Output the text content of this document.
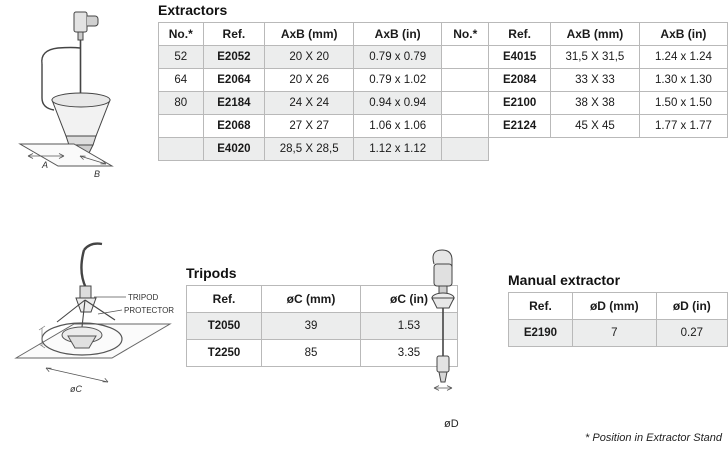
A
B
Extractors
No.*	Ref.	AxB (mm)	AxB (in)	No.*	Ref.	AxB (mm)	AxB (in)
52	E2052	20 X 20	0.79 x 0.79		E4015	31,5 X 31,5	1.24 x 1.24
64	E2064	20 X 26	0.79 x 1.02		E2084	33 X 33	1.30 x 1.30
80	E2184	24 X 24	0.94 x 0.94		E2100	38 X 38	1.50 x 1.50
	E2068	27 X 27	1.06 x 1.06		E2124	45 X 45	1.77 x 1.77
	E4020	28,5 X 28,5	1.12 x 1.12				
TRIPOD
PROTECTOR
øC
Tripods
Ref.	øC (mm)	øC (in)
T2050	39	1.53
T2250	85	3.35
øD
Manual extractor
Ref.	øD (mm)	øD (in)
E2190	7	0.27
* Position in Extractor Stand
